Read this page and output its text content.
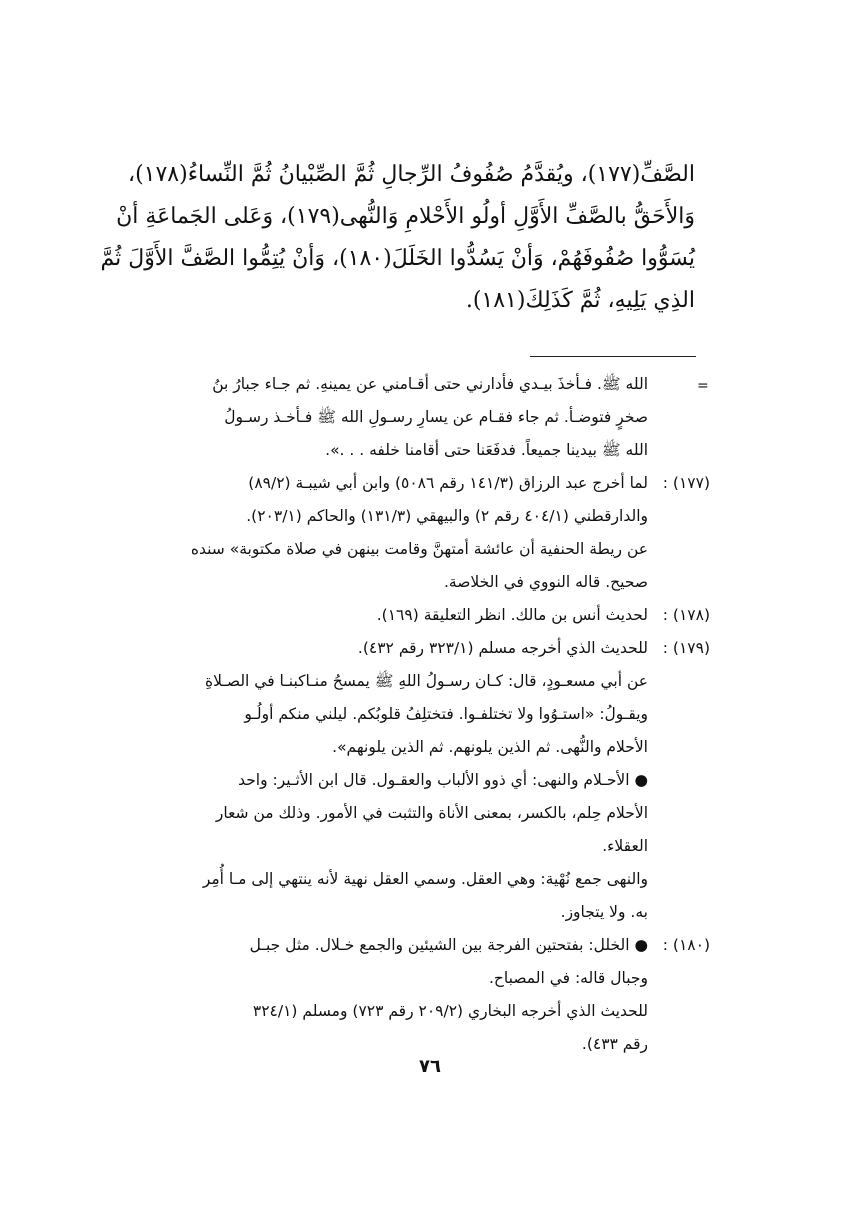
الصَّفِّ(١٧٧)، ويُقدَّمُ صُفُوفُ الرِّجالِ ثُمَّ الصِّبْيانُ ثُمَّ النِّساءُ(١٧٨)،
وَالأَحَقُّ بالصَّفِّ الأَوَّلِ أولُو الأَحْلامِ وَالنُّهى(١٧٩)، وَعَلى الجَماعَةِ أنْ
يُسَوُّوا صُفُوفَهُمْ، وَأنْ يَسُدُّوا الخَلَلَ(١٨٠)، وَأنْ يُتِمُّوا الصَّفَّ الأَوَّلَ ثُمَّ
الذِي يَلِيهِ، ثُمَّ كَذَلِكَ(١٨١).
=
الله ﷺ. فـأخذَ بيـدي فأدارني حتى أقـامني عن يمينهِ. ثم جـاء جبارُ بنُ
صخرٍ فتوضـأ. ثم جاء فقـام عن يسارِ رسـولِ الله ﷺ فـأخـذ رسـولُ
الله ﷺ بيدينا جميعاً. فدفَعَنا حتى أقامنا خلفه . . .».
(١٧٧) :لما أخرج عبد الرزاق (١٤١/٣ رقم ٥٠٨٦) وابن أبي شيبـة (٨٩/٢)
والدارقطني (٤٠٤/١ رقم ٢) والبيهقي (١٣١/٣) والحاكم (٢٠٣/١).
عن ريطة الحنفية أن عائشة أمتهنَّ وقامت بينهن في صلاة مكتوبة» سنده
صحيح. قاله النووي في الخلاصة.
(١٧٨) :لحديث أنس بن مالك. انظر التعليقة (١٦٩).
(١٧٩) :للحديث الذي أخرجه مسلم (٣٢٣/١ رقم ٤٣٢).
عن أبي مسعـودٍ، قال: كـان رسـولُ اللهِ ﷺ يمسحُ منـاكبنـا في الصـلاةِ
ويقـولُ: «استـوُوا ولا تختلفـوا. فتختلِفُ قلوبُكم. ليلني منكم أولُـو
الأحلام والنُّهى. ثم الذين يلونهم. ثم الذين يلونهم».
● الأحـلام والنهى: أي ذوو الألباب والعقـول. قال ابن الأثـير: واحد
الأحلام حِلم، بالكسر، بمعنى الأناة والتثبت في الأمور. وذلك من شعار
العقلاء.
والنهى جمع نُهْية: وهي العقل. وسمي العقل نهية لأنه ينتهي إلى مـا أُمِر
به. ولا يتجاوز.
(١٨٠) :● الخلل: بفتحتين الفرجة بين الشيئين والجمع خـلال. مثل جبـل
وجبال قاله: في المصباح.
للحديث الذي أخرجه البخاري (٢٠٩/٢ رقم ٧٢٣) ومسلم (٣٢٤/١
رقم ٤٣٣).
٧٦
